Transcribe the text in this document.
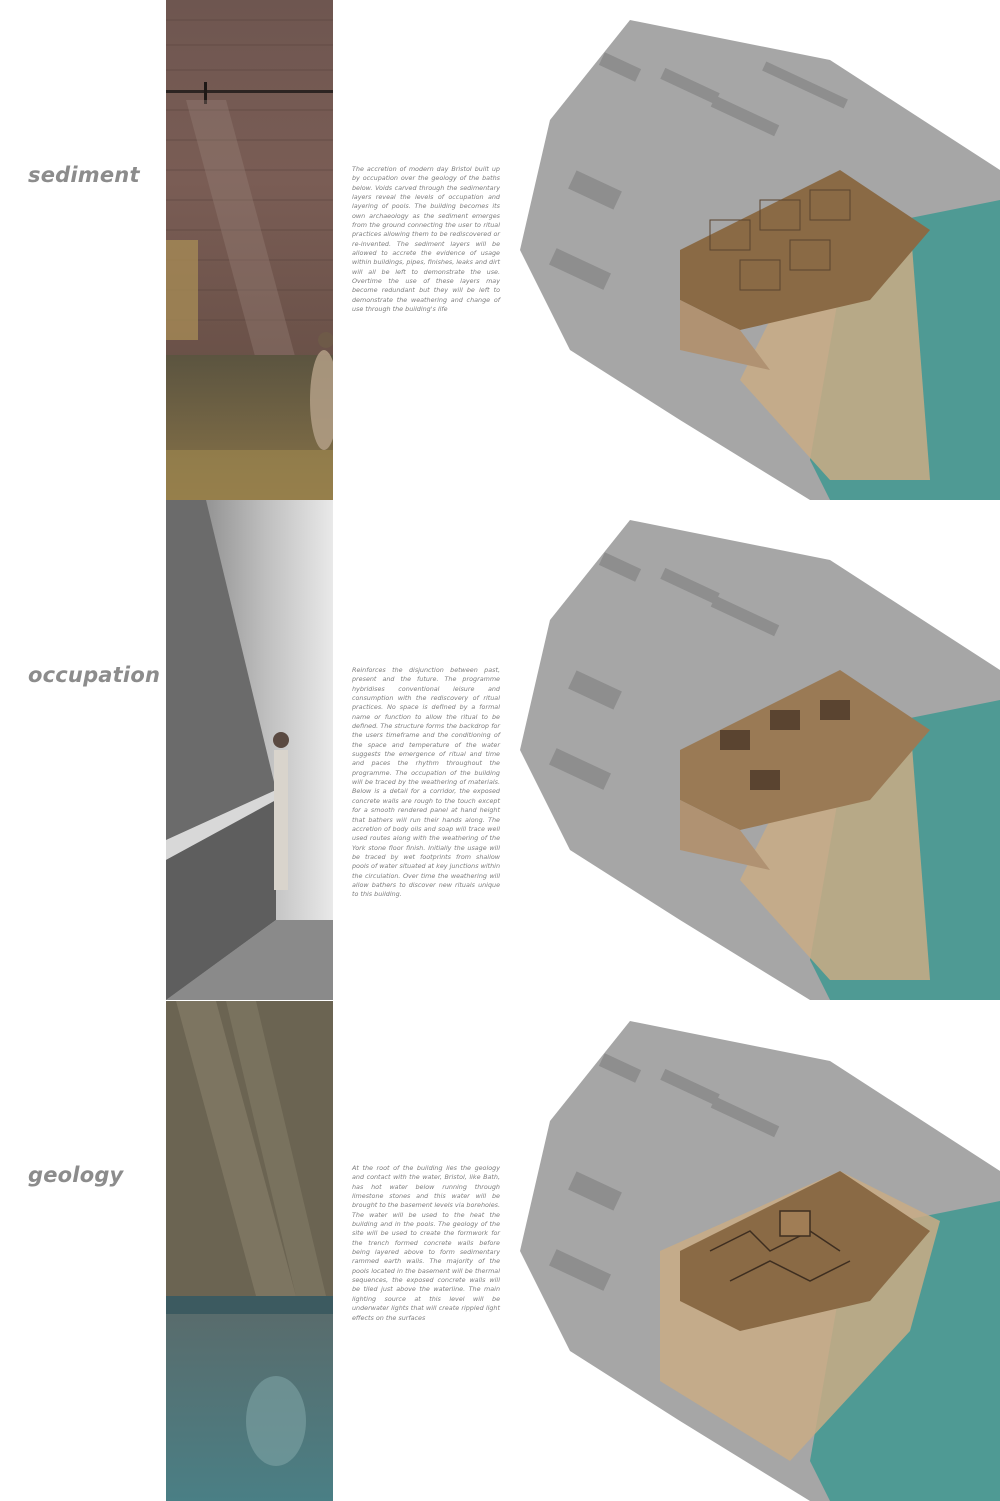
sediment	The accretion of modern day Bristol built up by occupation over the geology of the baths below. Voids carved through the sedimentary layers reveal the levels of occupation and layering of pools. The building becomes its own archaeology as the sediment emerges from the ground connecting the user to ritual practices allowing them to be rediscovered or re-invented. The sediment layers will be allowed to accrete the evidence of usage within buildings, pipes, finishes, leaks and dirt will all be left to demonstrate the use. Overtime the use of these layers may become redundant but they will be left to demonstrate the weathering and change of use through the building's life

occupation	Reinforces the disjunction between past, present and the future. The programme hybridises conventional leisure and consumption with the rediscovery of ritual practices. No space is defined by a formal name or function to allow the ritual to be defined. The structure forms the backdrop for the users timeframe and the conditioning of the space and temperature of the water suggests the emergence of ritual and time and paces the rhythm throughout the programme. The occupation of the building will be traced by the weathering of materials. Below is a detail for a corridor, the exposed concrete walls are rough to the touch except for a smooth rendered panel at hand height that bathers will run their hands along. The accretion of body oils and soap will trace well used routes along with the weathering of the York stone floor finish. Initially the usage will be traced by wet footprints from shallow pools of water situated at key junctions within the circulation. Over time the weathering will allow bathers to discover new rituals unique to this building.

geology	At the root of the building lies the geology and contact with the water, Bristol, like Bath, has hot water below running through limestone stones and this water will be brought to the basement levels via boreholes. The water will be used to the heat the building and in the pools. The geology of the site will be used to create the formwork for the trench formed concrete walls before being layered above to form sedimentary rammed earth walls. The majority of the pools located in the basement will be thermal sequences, the exposed concrete walls will be tiled just above the waterline. The main lighting source at this level will be underwater lights that will create rippled light effects on the surfaces
